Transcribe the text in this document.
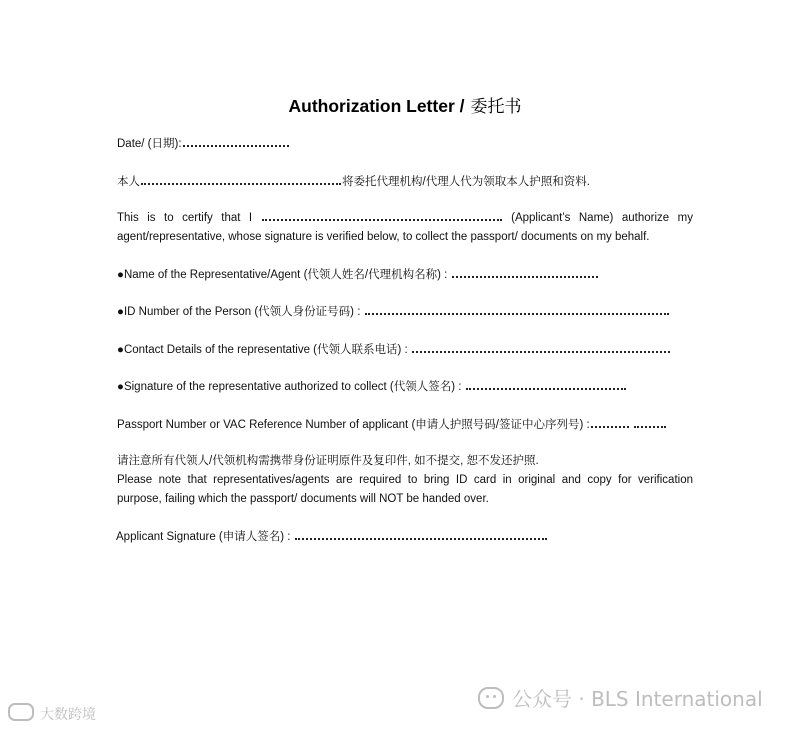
Authorization Letter / 委托书
Date/ (日期):
本人	将委托代理机构/代理人代为领取本人护照和资料.
This is to certify that I	(Applicant’s Name) authorize my
agent/representative, whose signature is verified below, to collect the passport/ documents on my behalf.
●Name of the Representative/Agent (代领人姓名/代理机构名称) :
●ID Number of the Person (代领人身份证号码) :
●Contact Details of the representative (代领人联系电话) :
●Signature of the representative authorized to collect (代领人签名) :
Passport Number or VAC Reference Number of applicant (申请人护照号码/签证中心序列号) :
请注意所有代领人/代领机构需携带身份证明原件及复印件, 如不提交, 恕不发还护照.
Please note that representatives/agents are required to bring ID card in original and copy for verification
purpose, failing which the passport/ documents will NOT be handed over.
Applicant Signature (申请人签名) :
公众号 · BLS International
大数跨境
